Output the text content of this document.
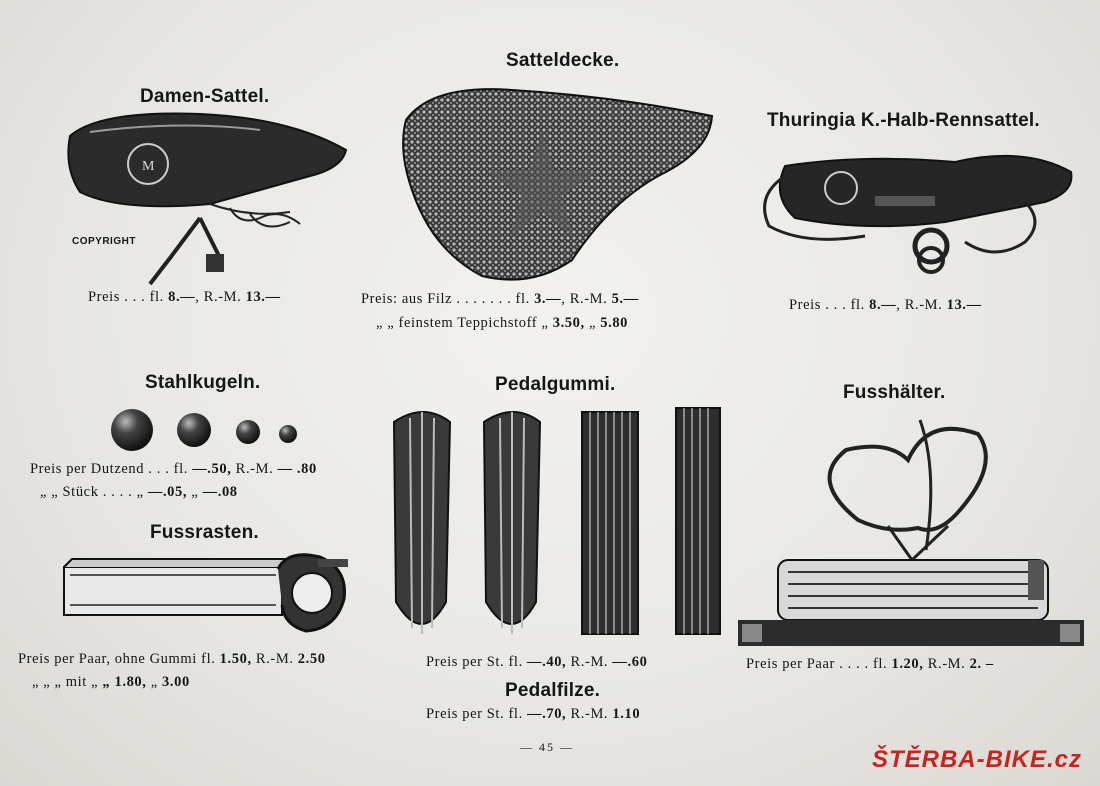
Damen-Sattel.
M
COPYRIGHT
Preis . . . fl. 8.—, R.-M. 13.—
Satteldecke.
Preis: aus Filz . . . . . . . fl. 3.—, R.-M. 5.—
„ „ feinstem Teppichstoff „ 3.50, „ 5.80
Thuringia K.-Halb-Rennsattel.
Preis . . . fl. 8.—, R.-M. 13.—
Stahlkugeln.
Preis per Dutzend . . . fl. —.50, R.-M. — .80
„ „ Stück . . . . „ —.05, „ —.08
Fussrasten.
Preis per Paar, ohne Gummi fl. 1.50, R.-M. 2.50
„ „ „ mit „ „ 1.80, „ 3.00
Pedalgummi.
Preis per St. fl. —.40, R.-M. —.60
Pedalfilze.
Preis per St. fl. —.70, R.-M. 1.10
Fusshälter.
Preis per Paar . . . . fl. 1.20, R.-M. 2. –
— 45 —	ŠTĚRBA-BIKE.cz
